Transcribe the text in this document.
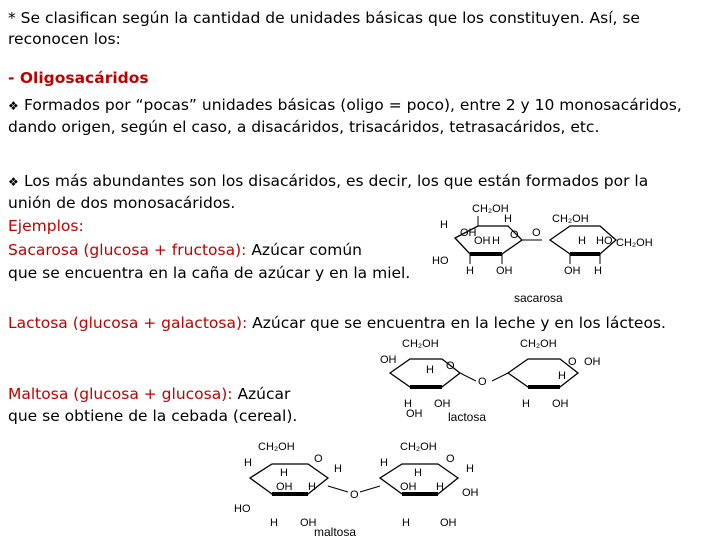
* Se clasifican según la cantidad de unidades básicas que los constituyen. Así, se
reconocen los:
- Oligosacáridos
❖ Formados por “pocas” unidades básicas (oligo = poco), entre 2 y 10 monosacáridos,
dando origen, según el caso, a disacáridos, trisacáridos, tetrasacáridos, etc.
❖ Los más abundantes son los disacáridos, es decir, los que están formados por la
unión de dos monosacáridos.
Ejemplos:
Sacarosa (glucosa + fructosa): Azúcar común
que se encuentra en la caña de azúcar y en la miel.
Lactosa (glucosa + galactosa): Azúcar que se encuentra en la leche y en los lácteos.
Maltosa (glucosa + glucosa): Azúcar
que se obtiene de la cebada (cereal).
CH₂OH
H
H
OH
OH H O
HO
H OH
O
CH₂OH
H HO CH₂OH
OH H
sacarosa
CH₂OH
OH
H O
H OH
O
CH₂OH
O OH
H
H OH
OH lactosa
CH₂OH
O
H	H
H
OH H
HO
H OH
O
CH₂OH
O
H	H
H
OH H OH
H	OH
maltosa
